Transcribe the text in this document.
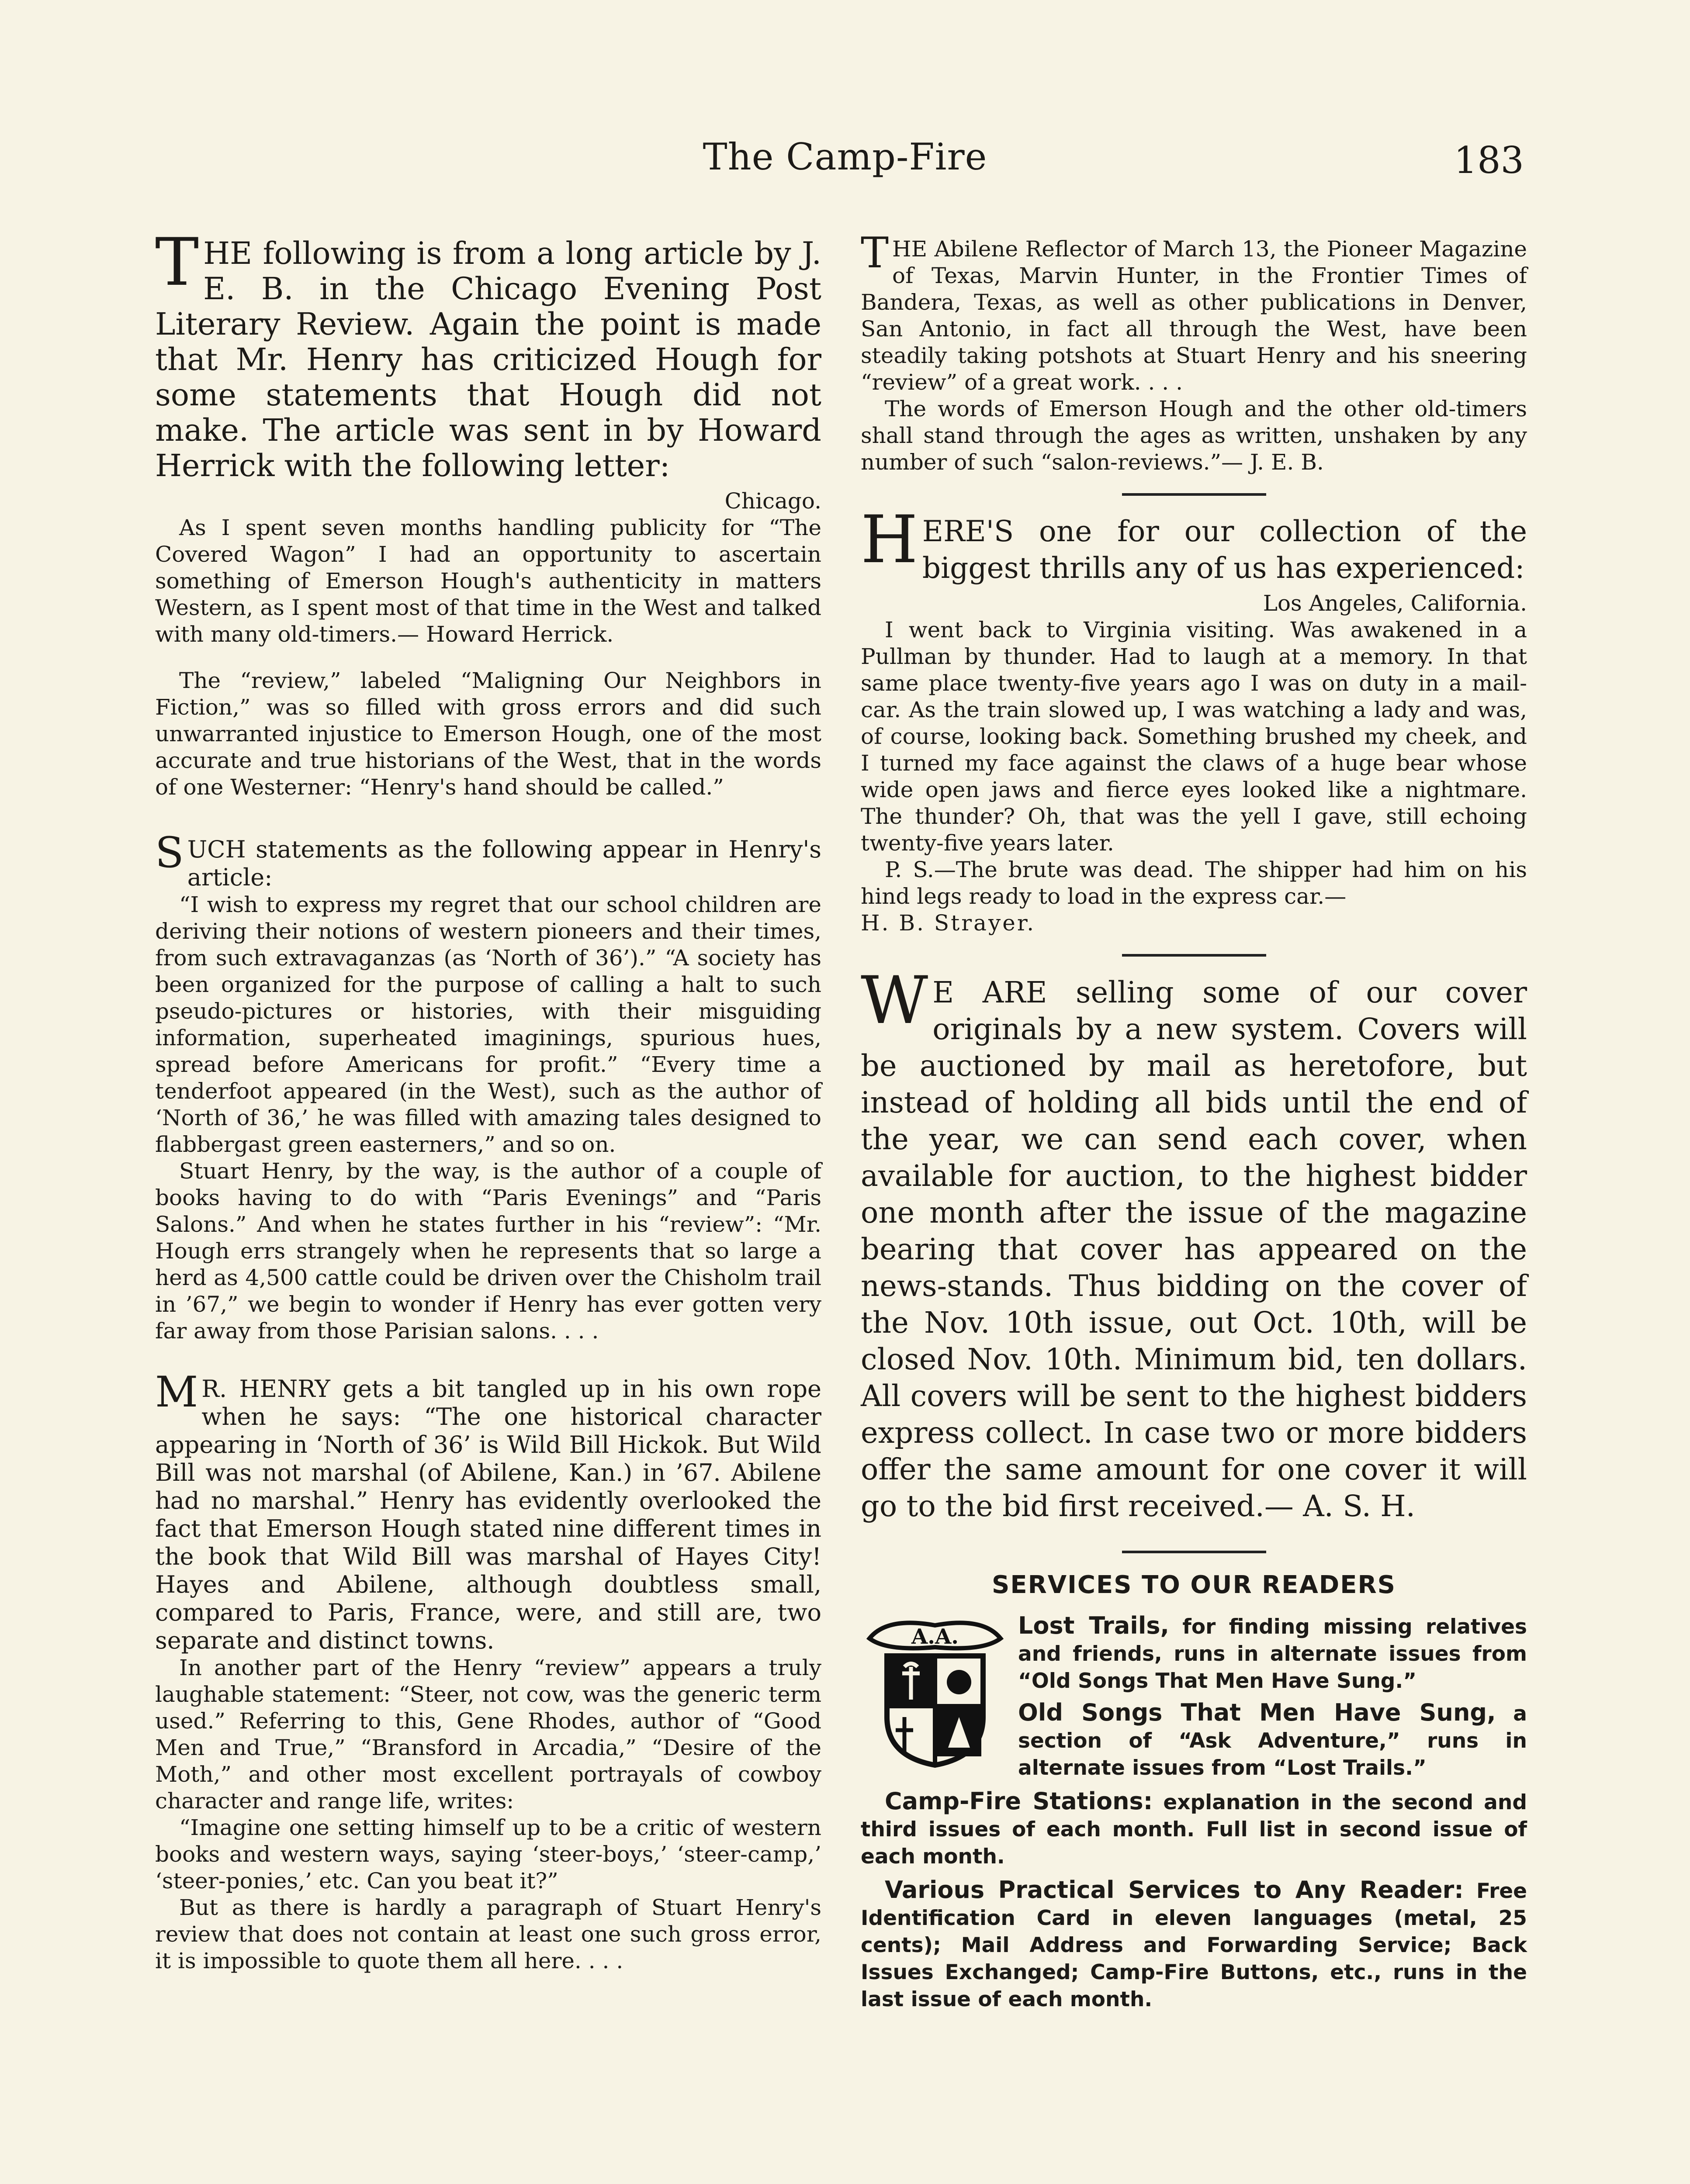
The Camp-Fire	183

THE following is from a long article by J. E. B. in the Chicago Evening Post Literary Review. Again the point is made that Mr. Henry has criticized Hough for some statements that Hough did not make. The article was sent in by Howard Herrick with the following letter:

Chicago.

As I spent seven months handling publicity for “The Covered Wagon” I had an opportunity to ascertain something of Emerson Hough's authenticity in matters Western, as I spent most of that time in the West and talked with many old-timers.— Howard Herrick.

The “review,” labeled “Maligning Our Neighbors in Fiction,” was so filled with gross errors and did such unwarranted injustice to Emerson Hough, one of the most accurate and true historians of the West, that in the words of one Westerner: “Henry's hand should be called.”

SUCH statements as the following appear in Henry's article:

“I wish to express my regret that our school children are deriving their notions of western pioneers and their times, from such extravaganzas (as ‘North of 36’).” “A society has been organized for the purpose of calling a halt to such pseudo-pictures or histories, with their misguiding information, superheated imaginings, spurious hues, spread before Americans for profit.” “Every time a tenderfoot appeared (in the West), such as the author of ‘North of 36,’ he was filled with amazing tales designed to flabbergast green easterners,” and so on.

Stuart Henry, by the way, is the author of a couple of books having to do with “Paris Evenings” and “Paris Salons.” And when he states further in his “review”: “Mr. Hough errs strangely when he represents that so large a herd as 4,500 cattle could be driven over the Chisholm trail in ’67,” we begin to wonder if Henry has ever gotten very far away from those Parisian salons. . . .

M R. HENRY gets a bit tangled up in his own rope when he says: “The one historical character appearing in ‘North of 36’ is Wild Bill Hickok. But Wild Bill was not marshal (of Abilene, Kan.) in ’67. Abilene had no marshal.” Henry has evidently overlooked the fact that Emerson Hough stated nine different times in the book that Wild Bill was marshal of Hayes City! Hayes and Abilene, although doubtless small, compared to Paris, France, were, and still are, two separate and distinct towns.

In another part of the Henry “review” appears a truly laughable statement: “Steer, not cow, was the generic term used.” Referring to this, Gene Rhodes, author of “Good Men and True,” “Bransford in Arcadia,” “Desire of the Moth,” and other most excellent portrayals of cowboy character and range life, writes:

“Imagine one setting himself up to be a critic of western books and western ways, saying ‘steer-boys,’ ‘steer-camp,’ ‘steer-ponies,’ etc. Can you beat it?”

But as there is hardly a paragraph of Stuart Henry's review that does not contain at least one such gross error, it is impossible to quote them all here. . . .

THE Abilene Reflector of March 13, the Pioneer Magazine of Texas, Marvin Hunter, in the Frontier Times of Bandera, Texas, as well as other publications in Denver, San Antonio, in fact all through the West, have been steadily taking potshots at Stuart Henry and his sneering “review” of a great work. . . .

The words of Emerson Hough and the other old-timers shall stand through the ages as written, unshaken by any number of such “salon-reviews.”— J. E. B.

HERE'S one for our collection of the biggest thrills any of us has experienced:

Los Angeles, California.

I went back to Virginia visiting. Was awakened in a Pullman by thunder. Had to laugh at a memory. In that same place twenty-five years ago I was on duty in a mail-car. As the train slowed up, I was watching a lady and was, of course, looking back. Something brushed my cheek, and I turned my face against the claws of a huge bear whose wide open jaws and fierce eyes looked like a nightmare. The thunder? Oh, that was the yell I gave, still echoing twenty-five years later.

P. S.—The brute was dead. The shipper had him on his hind legs ready to load in the express car.—

H. B. Strayer.

W E ARE selling some of our cover originals by a new system. Covers will be auctioned by mail as heretofore, but instead of holding all bids until the end of the year, we can send each cover, when available for auction, to the highest bidder one month after the issue of the magazine bearing that cover has appeared on the news-stands. Thus bidding on the cover of the Nov. 10th issue, out Oct. 10th, will be closed Nov. 10th. Minimum bid, ten dollars. All covers will be sent to the highest bidders express collect. In case two or more bidders offer the same amount for one cover it will go to the bid first received.— A. S. H.

SERVICES TO OUR READERS
A.A.	Lost Trails, for finding missing relatives and friends, runs in alternate issues from “Old Songs That Men Have Sung.”

Old Songs That Men Have Sung, a section of “Ask Adventure,” runs in alternate issues from “Lost Trails.”

Camp-Fire Stations: explanation in the second and third issues of each month. Full list in second issue of each month.

Various Practical Services to Any Reader: Free Identification Card in eleven languages (metal, 25 cents); Mail Address and Forwarding Service; Back Issues Exchanged; Camp-Fire Buttons, etc., runs in the last issue of each month.
